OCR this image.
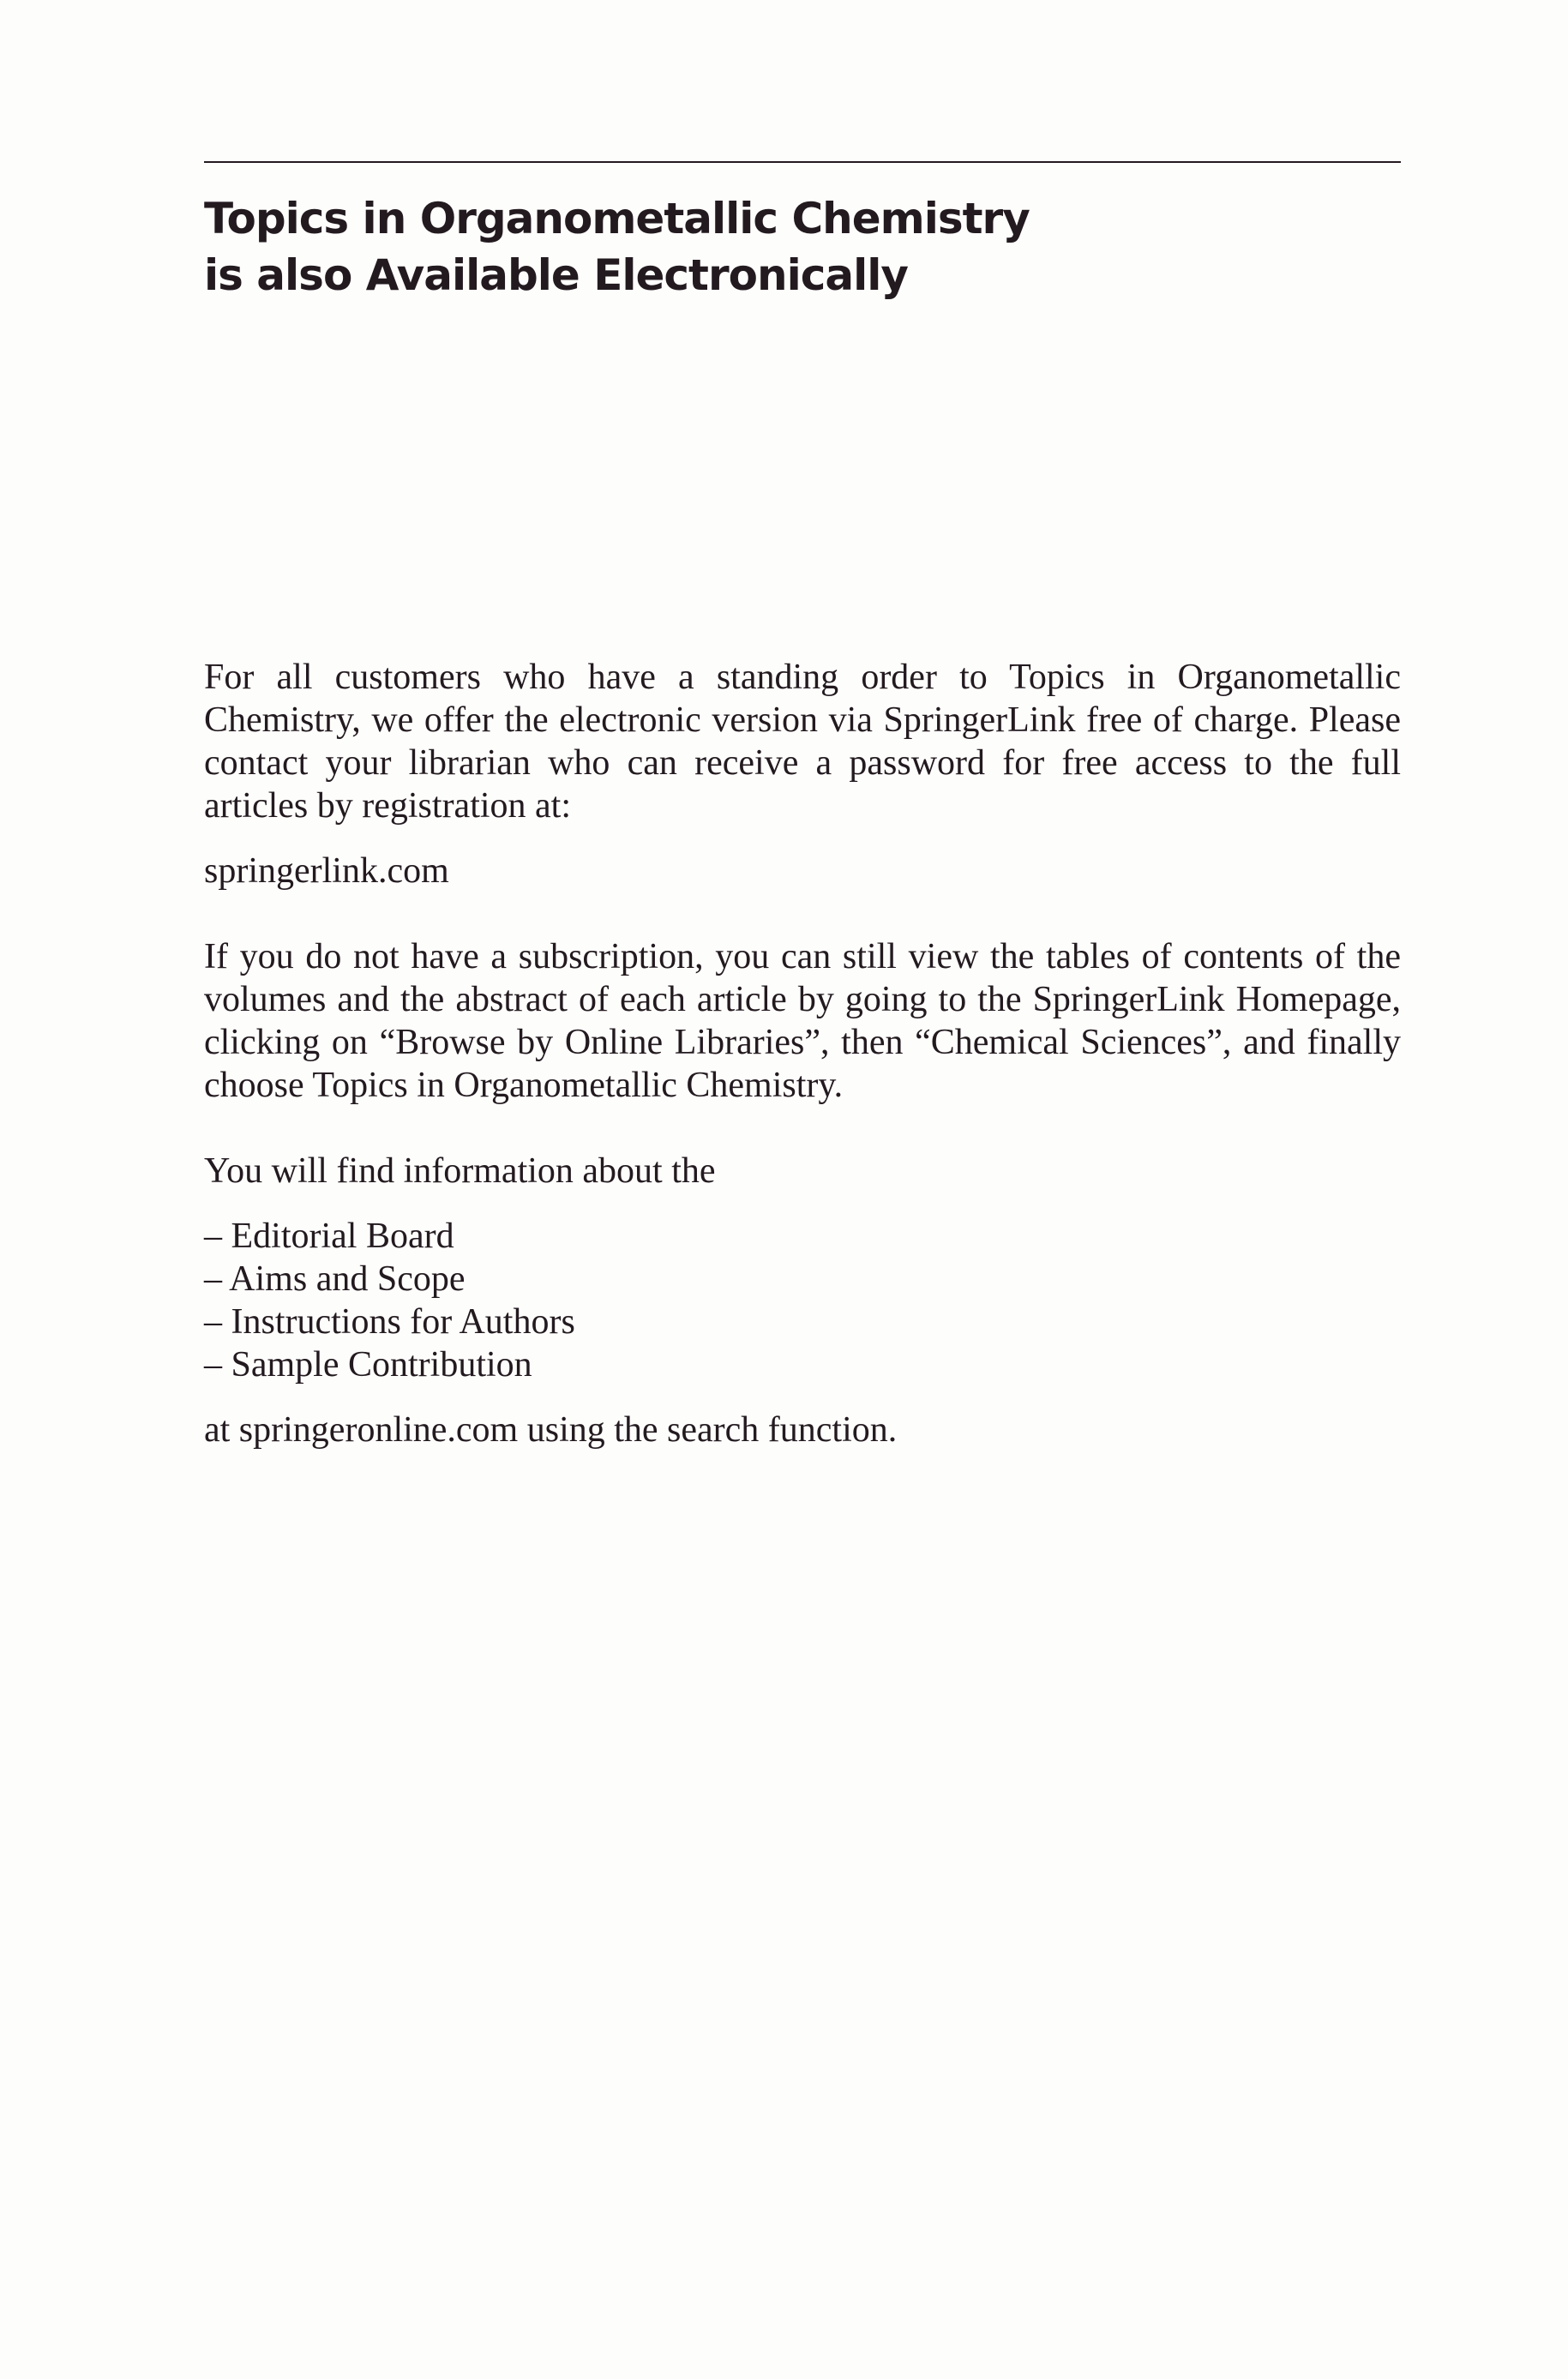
Topics in Organometallic Chemistry
is also Available Electronically

For all customers who have a standing order to Topics in Organometallic Chemistry, we offer the electronic version via SpringerLink free of charge. Please contact your librarian who can receive a password for free access to the full articles by registration at:

springerlink.com

If you do not have a subscription, you can still view the tables of contents of the volumes and the abstract of each article by going to the SpringerLink Homepage, clicking on “Browse by Online Libraries”, then “Chemical Sciences”, and finally choose Topics in Organometallic Chemistry.

You will find information about the

– Editorial Board
– Aims and Scope
– Instructions for Authors
– Sample Contribution

at springeronline.com using the search function.
